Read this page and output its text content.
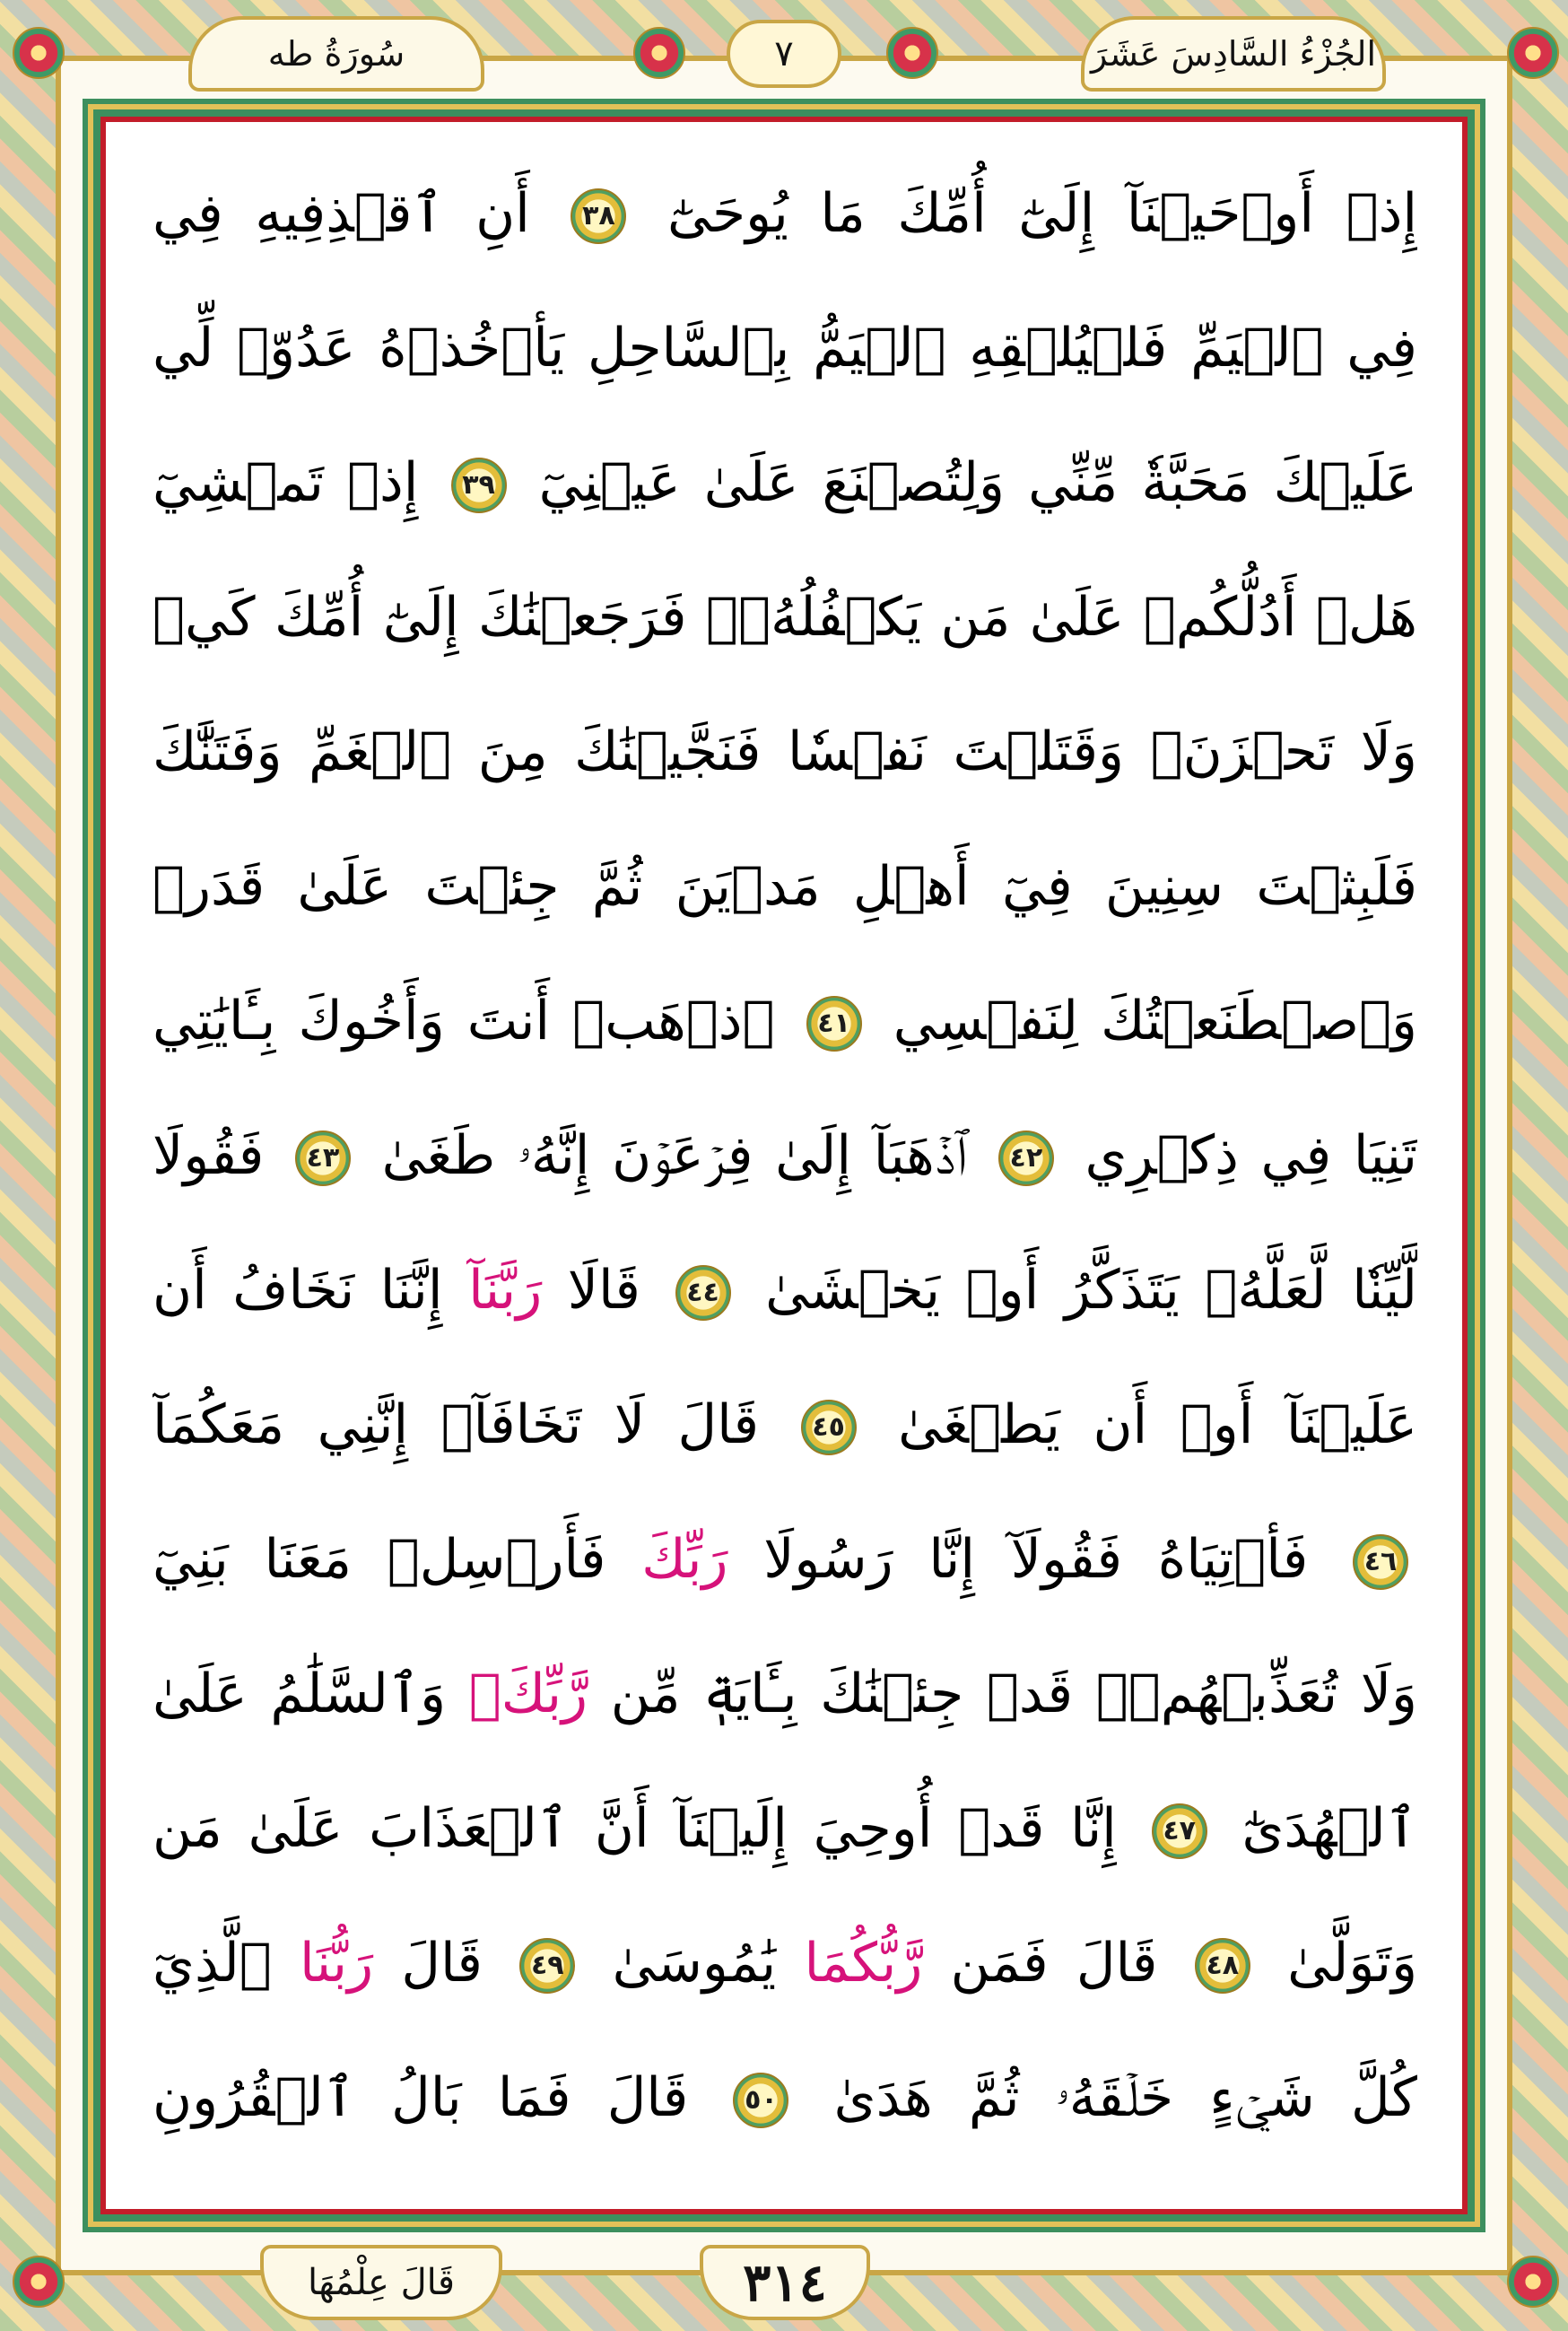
سُورَةُ طه	٧	الجُزْءُ السَّادِسَ عَشَرَ
إِذۡ أَوۡحَيۡنَآ إِلَىٰٓ أُمِّكَ مَا يُوحَىٰٓ ٣٨ أَنِ ٱقۡذِفِيهِ فِي
فِي ٱلۡيَمِّ فَلۡيُلۡقِهِ ٱلۡيَمُّ بِٱلسَّاحِلِ يَأۡخُذۡهُ عَدُوّٞ لِّي
عَلَيۡكَ مَحَبَّةٗ مِّنِّي وَلِتُصۡنَعَ عَلَىٰ عَيۡنِيٓ ٣٩ إِذۡ تَمۡشِيٓ
هَلۡ أَدُلُّكُمۡ عَلَىٰ مَن يَكۡفُلُهُۥۖ فَرَجَعۡنَٰكَ إِلَىٰٓ أُمِّكَ كَيۡ
وَلَا تَحۡزَنَۚ وَقَتَلۡتَ نَفۡسٗا فَنَجَّيۡنَٰكَ مِنَ ٱلۡغَمِّ وَفَتَنَّٰكَ
فَلَبِثۡتَ سِنِينَ فِيٓ أَهۡلِ مَدۡيَنَ ثُمَّ جِئۡتَ عَلَىٰ قَدَرٖ
وَٱصۡطَنَعۡتُكَ لِنَفۡسِي ٤١ ٱذۡهَبۡ أَنتَ وَأَخُوكَ بِـَٔايَٰتِي
تَنِيَا فِي ذِكۡرِي ٤٢ ٱذۡهَبَآ إِلَىٰ فِرۡعَوۡنَ إِنَّهُۥ طَغَىٰ ٤٣ فَقُولَا
لَّيِّنٗا لَّعَلَّهُۥ يَتَذَكَّرُ أَوۡ يَخۡشَىٰ ٤٤ قَالَا رَبَّنَآ إِنَّنَا نَخَافُ أَن
عَلَيۡنَآ أَوۡ أَن يَطۡغَىٰ ٤٥ قَالَ لَا تَخَافَآۖ إِنَّنِي مَعَكُمَآ
٤٦ فَأۡتِيَاهُ فَقُولَآ إِنَّا رَسُولَا رَبِّكَ فَأَرۡسِلۡ مَعَنَا بَنِيٓ
وَلَا تُعَذِّبۡهُمۡۖ قَدۡ جِئۡنَٰكَ بِـَٔايَةٖ مِّن رَّبِّكَۖ وَٱلسَّلَٰمُ عَلَىٰ
ٱلۡهُدَىٰٓ ٤٧ إِنَّا قَدۡ أُوحِيَ إِلَيۡنَآ أَنَّ ٱلۡعَذَابَ عَلَىٰ مَن
وَتَوَلَّىٰ ٤٨ قَالَ فَمَن رَّبُّكُمَا يَٰمُوسَىٰ ٤٩ قَالَ رَبُّنَا ٱلَّذِيٓ
كُلَّ شَيۡءٍ خَلۡقَهُۥ ثُمَّ هَدَىٰ ٥٠ قَالَ فَمَا بَالُ ٱلۡقُرُونِ
قَالَ عِلْمُهَا	٣١٤
